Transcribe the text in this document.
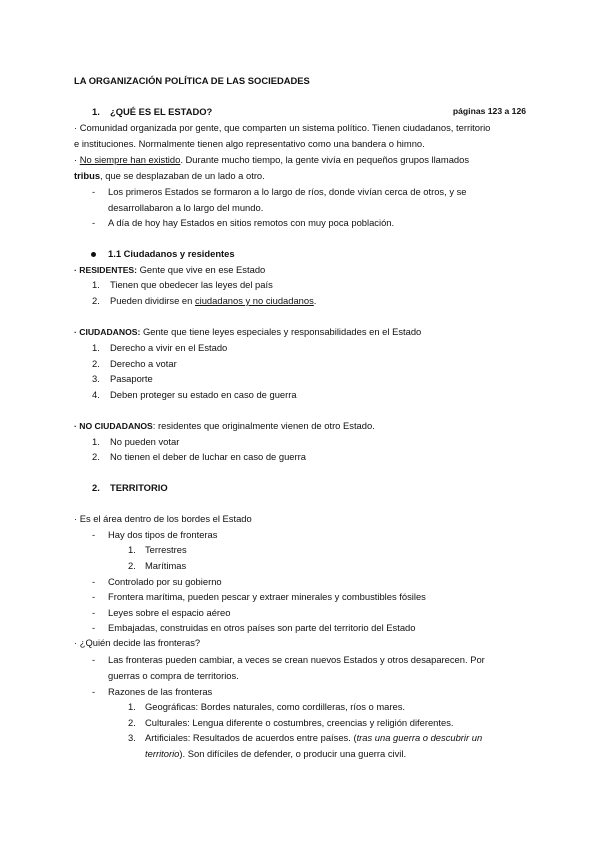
LA ORGANIZACIÓN POLÍTICA DE LAS SOCIEDADES
1. ¿QUÉ ES EL ESTADO?	páginas 123 a 126
· Comunidad organizada por gente, que comparten un sistema político. Tienen ciudadanos, territorio
e instituciones. Normalmente tienen algo representativo como una bandera o himno.
· No siempre han existido. Durante mucho tiempo, la gente vivía en pequeños grupos llamados
tribus, que se desplazaban de un lado a otro.
- Los primeros Estados se formaron a lo largo de ríos, donde vivían cerca de otros, y se
desarrollabaron a lo largo del mundo.
- A día de hoy hay Estados en sitios remotos con muy poca población.
1.1 Ciudadanos y residentes
· RESIDENTES: Gente que vive en ese Estado
1. Tienen que obedecer las leyes del país
2. Pueden dividirse en ciudadanos y no ciudadanos.
· CIUDADANOS: Gente que tiene leyes especiales y responsabilidades en el Estado
1. Derecho a vivir en el Estado
2. Derecho a votar
3. Pasaporte
4. Deben proteger su estado en caso de guerra
· NO CIUDADANOS: residentes que originalmente vienen de otro Estado.
1. No pueden votar
2. No tienen el deber de luchar en caso de guerra
2. TERRITORIO
· Es el área dentro de los bordes el Estado
- Hay dos tipos de fronteras
1. Terrestres
2. Marítimas
- Controlado por su gobierno
- Frontera marítima, pueden pescar y extraer minerales y combustibles fósiles
- Leyes sobre el espacio aéreo
- Embajadas, construidas en otros países son parte del territorio del Estado
· ¿Quién decide las fronteras?
- Las fronteras pueden cambiar, a veces se crean nuevos Estados y otros desaparecen. Por
guerras o compra de territorios.
- Razones de las fronteras
1. Geográficas: Bordes naturales, como cordilleras, ríos o mares.
2. Culturales: Lengua diferente o costumbres, creencias y religión diferentes.
3. Artificiales: Resultados de acuerdos entre países. (tras una guerra o descubrir un
territorio). Son difíciles de defender, o producir una guerra civil.
